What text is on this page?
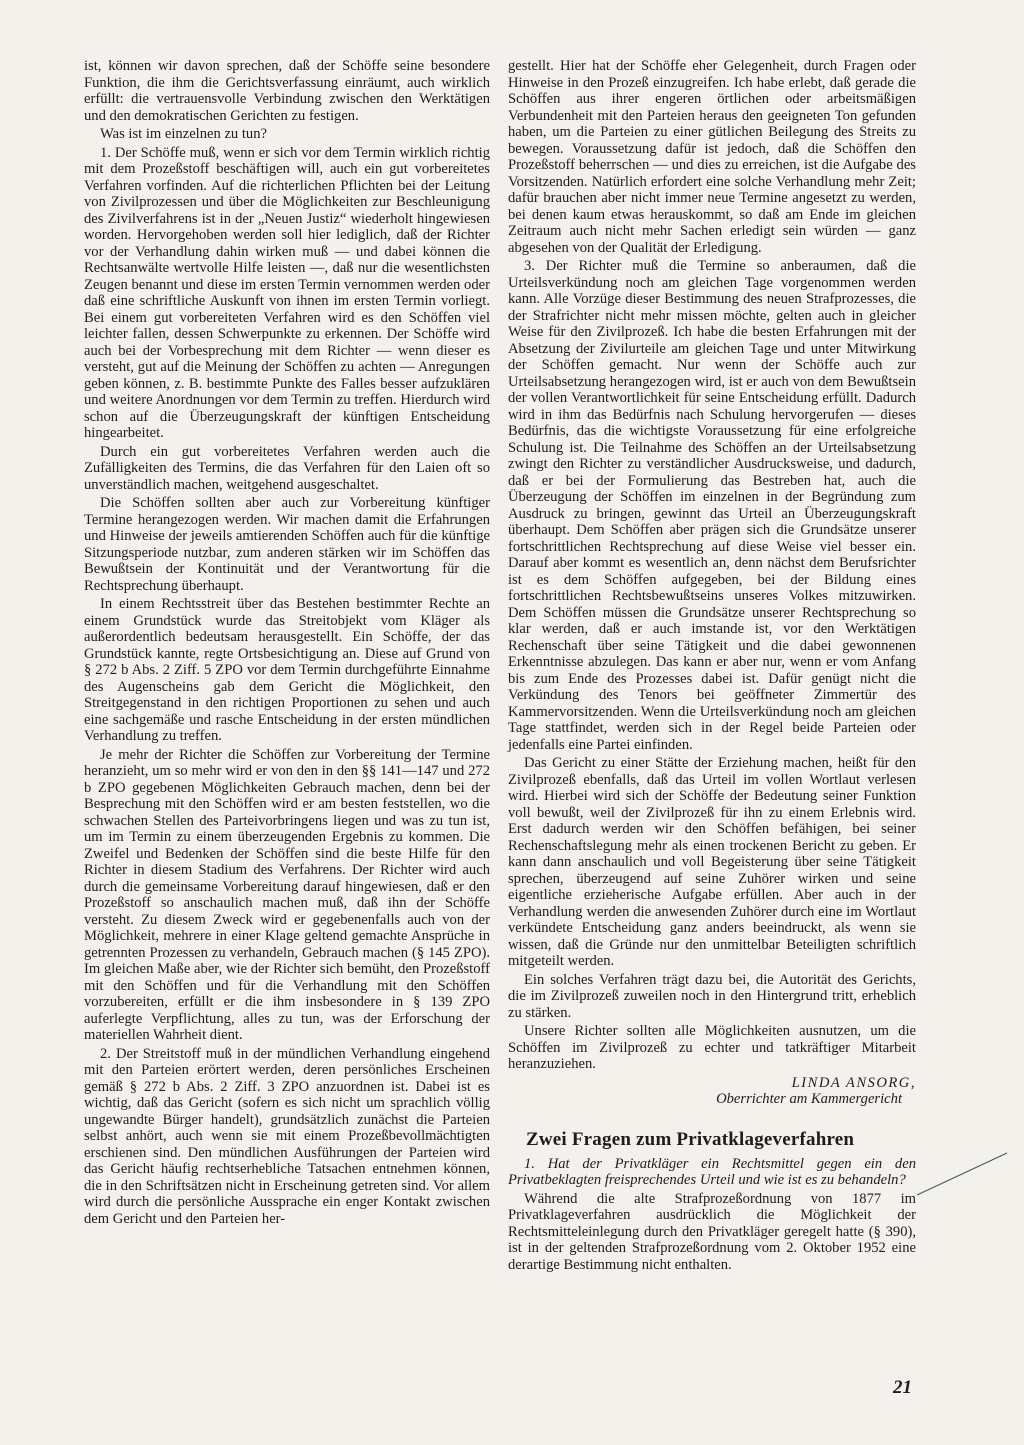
ist, können wir davon sprechen, daß der Schöffe seine besondere Funktion, die ihm die Gerichtsverfassung einräumt, auch wirklich erfüllt: die vertrauensvolle Verbindung zwischen den Werktätigen und den demokratischen Gerichten zu festigen.

Was ist im einzelnen zu tun?

1. Der Schöffe muß, wenn er sich vor dem Termin wirklich richtig mit dem Prozeßstoff beschäftigen will, auch ein gut vorbereitetes Verfahren vorfinden. Auf die richterlichen Pflichten bei der Leitung von Zivilprozessen und über die Möglichkeiten zur Beschleunigung des Zivilverfahrens ist in der „Neuen Justiz“ wiederholt hingewiesen worden. Hervorgehoben werden soll hier lediglich, daß der Richter vor der Verhandlung dahin wirken muß — und dabei können die Rechtsanwälte wertvolle Hilfe leisten —, daß nur die wesentlichsten Zeugen benannt und diese im ersten Termin vernommen werden oder daß eine schriftliche Auskunft von ihnen im ersten Termin vorliegt. Bei einem gut vorbereiteten Verfahren wird es den Schöffen viel leichter fallen, dessen Schwerpunkte zu erkennen. Der Schöffe wird auch bei der Vorbesprechung mit dem Richter — wenn dieser es versteht, gut auf die Meinung der Schöffen zu achten — Anregungen geben können, z. B. bestimmte Punkte des Falles besser aufzuklären und weitere Anordnungen vor dem Termin zu treffen. Hierdurch wird schon auf die Überzeugungskraft der künftigen Entscheidung hingearbeitet.

Durch ein gut vorbereitetes Verfahren werden auch die Zufälligkeiten des Termins, die das Verfahren für den Laien oft so unverständlich machen, weitgehend ausgeschaltet.

Die Schöffen sollten aber auch zur Vorbereitung künftiger Termine herangezogen werden. Wir machen damit die Erfahrungen und Hinweise der jeweils amtierenden Schöffen auch für die künftige Sitzungsperiode nutzbar, zum anderen stärken wir im Schöffen das Bewußtsein der Kontinuität und der Verantwortung für die Rechtsprechung überhaupt.

In einem Rechtsstreit über das Bestehen bestimmter Rechte an einem Grundstück wurde das Streitobjekt vom Kläger als außerordentlich bedeutsam herausgestellt. Ein Schöffe, der das Grundstück kannte, regte Ortsbesichtigung an. Diese auf Grund von § 272 b Abs. 2 Ziff. 5 ZPO vor dem Termin durchgeführte Einnahme des Augenscheins gab dem Gericht die Möglichkeit, den Streitgegenstand in den richtigen Proportionen zu sehen und auch eine sachgemäße und rasche Entscheidung in der ersten mündlichen Verhandlung zu treffen.

Je mehr der Richter die Schöffen zur Vorbereitung der Termine heranzieht, um so mehr wird er von den in den §§ 141—147 und 272 b ZPO gegebenen Möglichkeiten Gebrauch machen, denn bei der Besprechung mit den Schöffen wird er am besten feststellen, wo die schwachen Stellen des Parteivorbringens liegen und was zu tun ist, um im Termin zu einem überzeugenden Ergebnis zu kommen. Die Zweifel und Bedenken der Schöffen sind die beste Hilfe für den Richter in diesem Stadium des Verfahrens. Der Richter wird auch durch die gemeinsame Vorbereitung darauf hingewiesen, daß er den Prozeßstoff so anschaulich machen muß, daß ihn der Schöffe versteht. Zu diesem Zweck wird er gegebenenfalls auch von der Möglichkeit, mehrere in einer Klage geltend gemachte Ansprüche in getrennten Prozessen zu verhandeln, Gebrauch machen (§ 145 ZPO). Im gleichen Maße aber, wie der Richter sich bemüht, den Prozeßstoff mit den Schöffen und für die Verhandlung mit den Schöffen vorzubereiten, erfüllt er die ihm insbesondere in § 139 ZPO auferlegte Verpflichtung, alles zu tun, was der Erforschung der materiellen Wahrheit dient.

2. Der Streitstoff muß in der mündlichen Verhandlung eingehend mit den Parteien erörtert werden, deren persönliches Erscheinen gemäß § 272 b Abs. 2 Ziff. 3 ZPO anzuordnen ist. Dabei ist es wichtig, daß das Gericht (sofern es sich nicht um sprachlich völlig ungewandte Bürger handelt), grundsätzlich zunächst die Parteien selbst anhört, auch wenn sie mit einem Prozeßbevollmächtigten erschienen sind. Den mündlichen Ausführungen der Parteien wird das Gericht häufig rechtserhebliche Tatsachen entnehmen können, die in den Schriftsätzen nicht in Erscheinung getreten sind. Vor allem wird durch die persönliche Aussprache ein enger Kontakt zwischen dem Gericht und den Parteien her-

gestellt. Hier hat der Schöffe eher Gelegenheit, durch Fragen oder Hinweise in den Prozeß einzugreifen. Ich habe erlebt, daß gerade die Schöffen aus ihrer engeren örtlichen oder arbeitsmäßigen Verbundenheit mit den Parteien heraus den geeigneten Ton gefunden haben, um die Parteien zu einer gütlichen Beilegung des Streits zu bewegen. Voraussetzung dafür ist jedoch, daß die Schöffen den Prozeßstoff beherrschen — und dies zu erreichen, ist die Aufgabe des Vorsitzenden. Natürlich erfordert eine solche Verhandlung mehr Zeit; dafür brauchen aber nicht immer neue Termine angesetzt zu werden, bei denen kaum etwas herauskommt, so daß am Ende im gleichen Zeitraum auch nicht mehr Sachen erledigt sein würden — ganz abgesehen von der Qualität der Erledigung.

3. Der Richter muß die Termine so anberaumen, daß die Urteilsverkündung noch am gleichen Tage vorgenommen werden kann. Alle Vorzüge dieser Bestimmung des neuen Strafprozesses, die der Strafrichter nicht mehr missen möchte, gelten auch in gleicher Weise für den Zivilprozeß. Ich habe die besten Erfahrungen mit der Absetzung der Zivilurteile am gleichen Tage und unter Mitwirkung der Schöffen gemacht. Nur wenn der Schöffe auch zur Urteilsabsetzung herangezogen wird, ist er auch von dem Bewußtsein der vollen Verantwortlichkeit für seine Entscheidung erfüllt. Dadurch wird in ihm das Bedürfnis nach Schulung hervorgerufen — dieses Bedürfnis, das die wichtigste Voraussetzung für eine erfolgreiche Schulung ist. Die Teilnahme des Schöffen an der Urteilsabsetzung zwingt den Richter zu verständlicher Ausdrucksweise, und dadurch, daß er bei der Formulierung das Bestreben hat, auch die Überzeugung der Schöffen im einzelnen in der Begründung zum Ausdruck zu bringen, gewinnt das Urteil an Überzeugungskraft überhaupt. Dem Schöffen aber prägen sich die Grundsätze unserer fortschrittlichen Rechtsprechung auf diese Weise viel besser ein. Darauf aber kommt es wesentlich an, denn nächst dem Berufsrichter ist es dem Schöffen aufgegeben, bei der Bildung eines fortschrittlichen Rechtsbewußtseins unseres Volkes mitzuwirken. Dem Schöffen müssen die Grundsätze unserer Rechtsprechung so klar werden, daß er auch imstande ist, vor den Werktätigen Rechenschaft über seine Tätigkeit und die dabei gewonnenen Erkenntnisse abzulegen. Das kann er aber nur, wenn er vom Anfang bis zum Ende des Prozesses dabei ist. Dafür genügt nicht die Verkündung des Tenors bei geöffneter Zimmertür des Kammervorsitzenden. Wenn die Urteilsverkündung noch am gleichen Tage stattfindet, werden sich in der Regel beide Parteien oder jedenfalls eine Partei einfinden.

Das Gericht zu einer Stätte der Erziehung machen, heißt für den Zivilprozeß ebenfalls, daß das Urteil im vollen Wortlaut verlesen wird. Hierbei wird sich der Schöffe der Bedeutung seiner Funktion voll bewußt, weil der Zivilprozeß für ihn zu einem Erlebnis wird. Erst dadurch werden wir den Schöffen befähigen, bei seiner Rechenschaftslegung mehr als einen trockenen Bericht zu geben. Er kann dann anschaulich und voll Begeisterung über seine Tätigkeit sprechen, überzeugend auf seine Zuhörer wirken und seine eigentliche erzieherische Aufgabe erfüllen. Aber auch in der Verhandlung werden die anwesenden Zuhörer durch eine im Wortlaut verkündete Entscheidung ganz anders beeindruckt, als wenn sie wissen, daß die Gründe nur den unmittelbar Beteiligten schriftlich mitgeteilt werden.

Ein solches Verfahren trägt dazu bei, die Autorität des Gerichts, die im Zivilprozeß zuweilen noch in den Hintergrund tritt, erheblich zu stärken.

Unsere Richter sollten alle Möglichkeiten ausnutzen, um die Schöffen im Zivilprozeß zu echter und tatkräftiger Mitarbeit heranzuziehen.

LINDA ANSORG,
Oberrichter am Kammergericht
Zwei Fragen zum Privatklageverfahren

1. Hat der Privatkläger ein Rechtsmittel gegen ein den Privatbeklagten freisprechendes Urteil und wie ist es zu behandeln?

Während die alte Strafprozeßordnung von 1877 im Privatklageverfahren ausdrücklich die Möglichkeit der Rechtsmitteleinlegung durch den Privatkläger geregelt hatte (§ 390), ist in der geltenden Strafprozeßordnung vom 2. Oktober 1952 eine derartige Bestimmung nicht enthalten.

21
